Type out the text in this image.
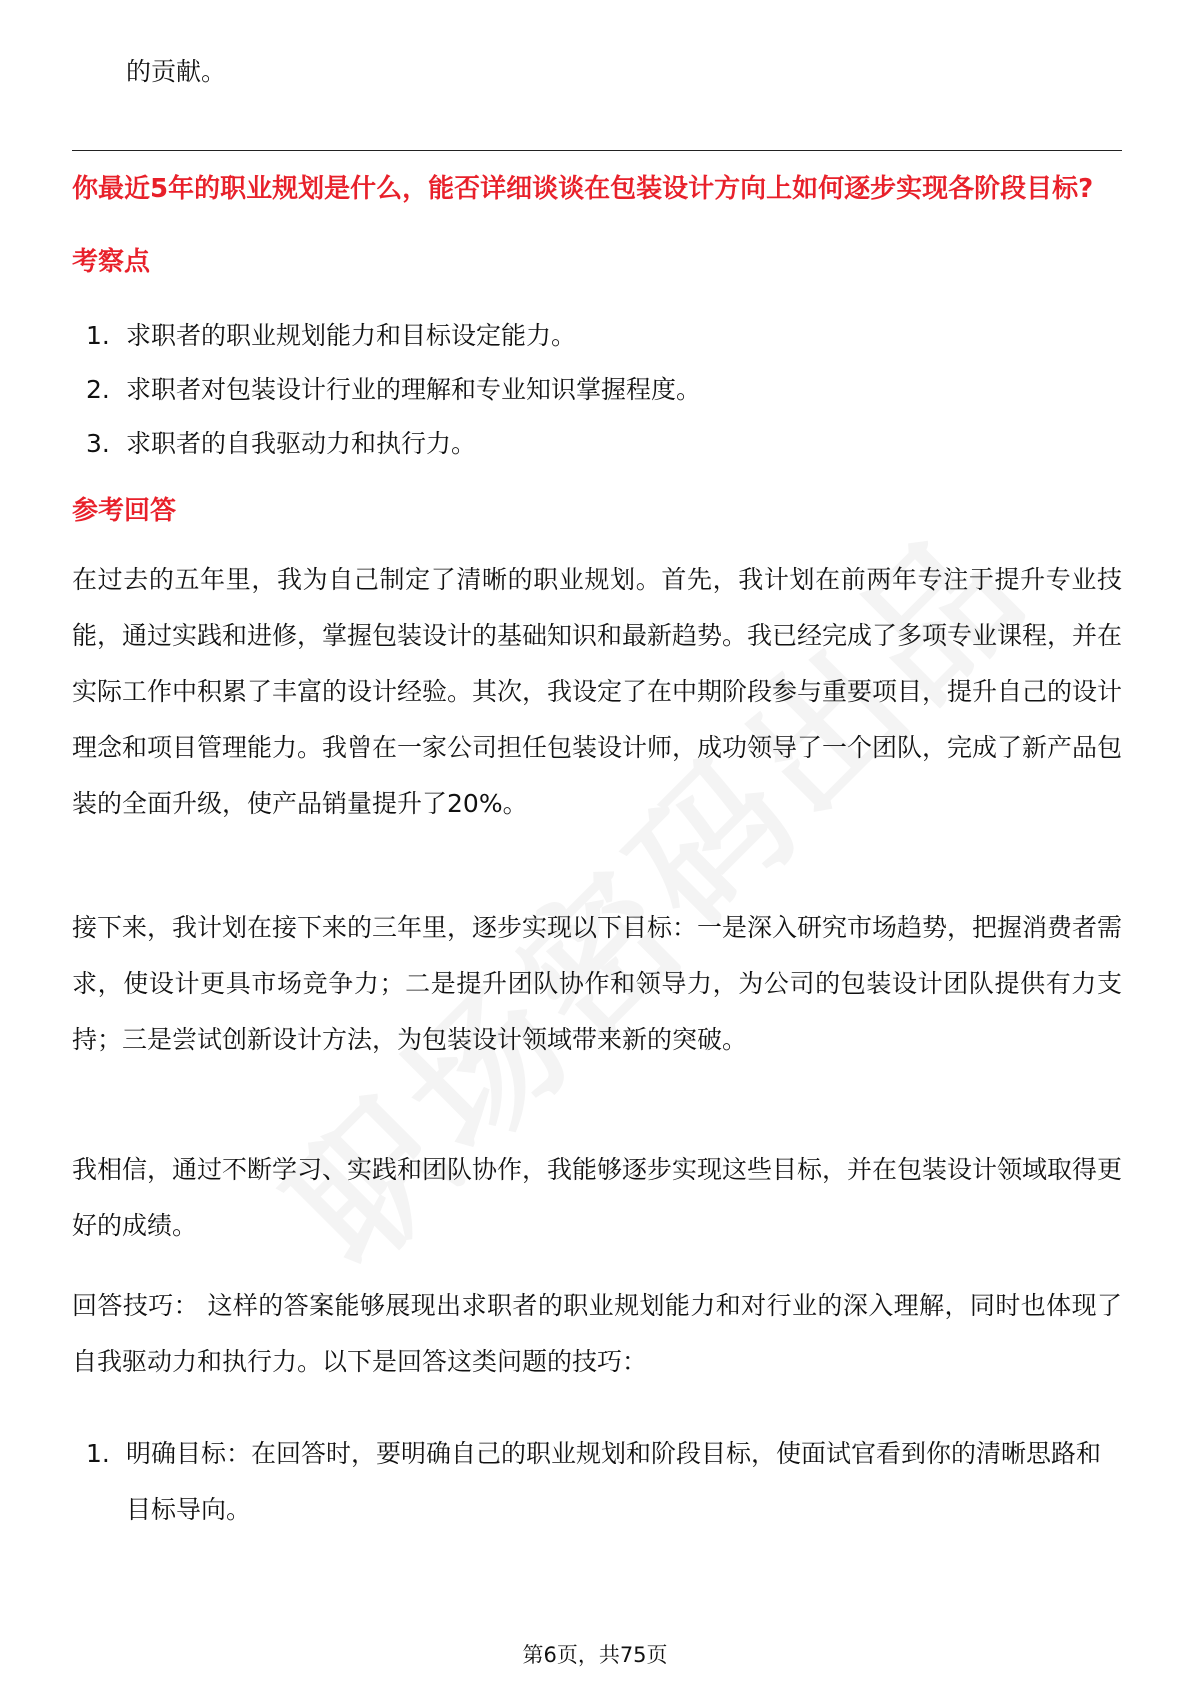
的贡献。

你最近5年的职业规划是什么，能否详细谈谈在包装设计方向上如何逐步实现各阶段目标?

考察点

1. 求职者的职业规划能力和目标设定能力。
2. 求职者对包装设计行业的理解和专业知识掌握程度。
3. 求职者的自我驱动力和执行力。

参考回答

在过去的五年里，我为自己制定了清晰的职业规划。首先，我计划在前两年专注于提升专业技能，通过实践和进修，掌握包装设计的基础知识和最新趋势。我已经完成了多项专业课程，并在实际工作中积累了丰富的设计经验。其次，我设定了在中期阶段参与重要项目，提升自己的设计理念和项目管理能力。我曾在一家公司担任包装设计师，成功领导了一个团队，完成了新产品包装的全面升级，使产品销量提升了20%。

接下来，我计划在接下来的三年里，逐步实现以下目标：一是深入研究市场趋势，把握消费者需求，使设计更具市场竞争力；二是提升团队协作和领导力，为公司的包装设计团队提供有力支持；三是尝试创新设计方法，为包装设计领域带来新的突破。

我相信，通过不断学习、实践和团队协作，我能够逐步实现这些目标，并在包装设计领域取得更好的成绩。

回答技巧： 这样的答案能够展现出求职者的职业规划能力和对行业的深入理解，同时也体现了自我驱动力和执行力。以下是回答这类问题的技巧：

1. 明确目标：在回答时，要明确自己的职业规划和阶段目标，使面试官看到你的清晰思路和目标导向。
第6页，共75页
